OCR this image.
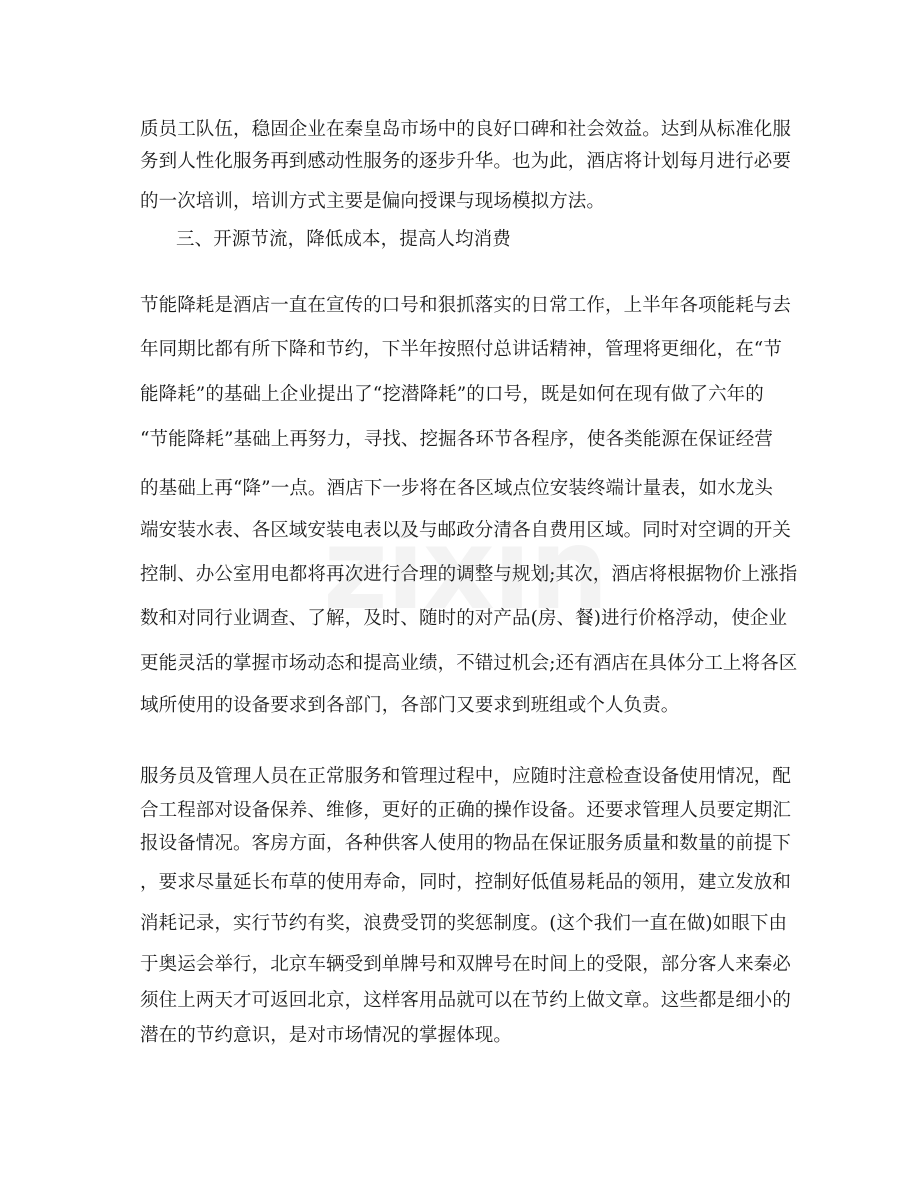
质员工队伍，稳固企业在秦皇岛市场中的良好口碑和社会效益。达到从标准化服
务到人性化服务再到感动性服务的逐步升华。也为此，酒店将计划每月进行必要
的一次培训，培训方式主要是偏向授课与现场模拟方法。
三、开源节流，降低成本，提高人均消费
节能降耗是酒店一直在宣传的口号和狠抓落实的日常工作，上半年各项能耗与去
年同期比都有所下降和节约，下半年按照付总讲话精神，管理将更细化，在“节
能降耗”的基础上企业提出了“挖潜降耗”的口号，既是如何在现有做了六年的
“节能降耗”基础上再努力，寻找、挖掘各环节各程序，使各类能源在保证经营
的基础上再“降”一点。酒店下一步将在各区域点位安装终端计量表，如水龙头
端安装水表、各区域安装电表以及与邮政分清各自费用区域。同时对空调的开关
控制、办公室用电都将再次进行合理的调整与规划;其次，酒店将根据物价上涨指
数和对同行业调查、了解，及时、随时的对产品(房、餐)进行价格浮动，使企业
更能灵活的掌握市场动态和提高业绩，不错过机会;还有酒店在具体分工上将各区
域所使用的设备要求到各部门，各部门又要求到班组或个人负责。
服务员及管理人员在正常服务和管理过程中，应随时注意检查设备使用情况，配
合工程部对设备保养、维修，更好的正确的操作设备。还要求管理人员要定期汇
报设备情况。客房方面，各种供客人使用的物品在保证服务质量和数量的前提下
，要求尽量延长布草的使用寿命，同时，控制好低值易耗品的领用，建立发放和
消耗记录，实行节约有奖，浪费受罚的奖惩制度。(这个我们一直在做)如眼下由
于奥运会举行，北京车辆受到单牌号和双牌号在时间上的受限，部分客人来秦必
须住上两天才可返回北京，这样客用品就可以在节约上做文章。这些都是细小的
潜在的节约意识，是对市场情况的掌握体现。
